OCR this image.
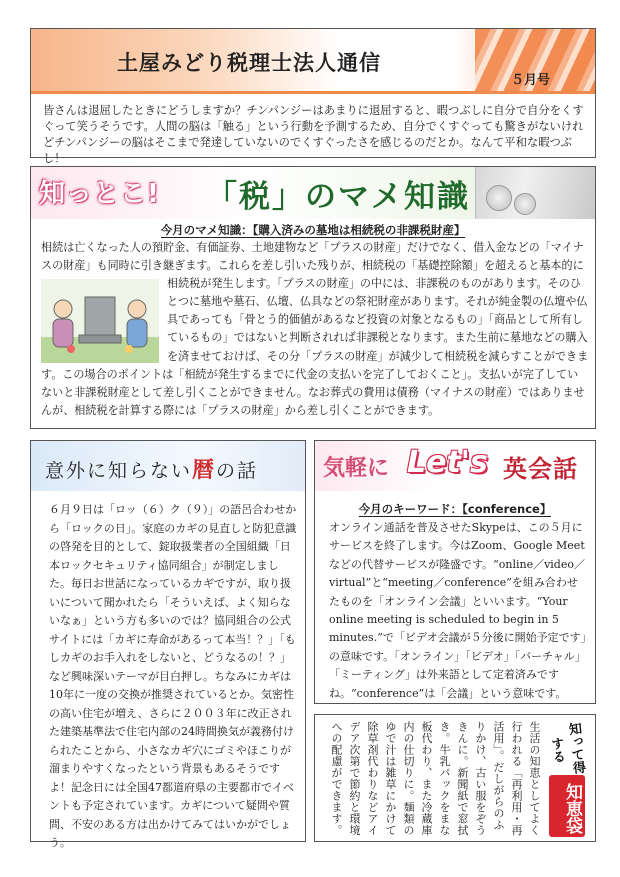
土屋みどり税理士法人通信
５月号

皆さんは退屈したときにどうしますか？チンパンジーはあまりに退屈すると、暇つぶしに自分で自分をくすぐって笑うそうです。人間の脳は「触る」という行動を予測するため、自分でくすぐっても驚きがないけれどチンパンジーの脳はそこまで発達していないのでくすぐったさを感じるのだとか。なんて平和な暇つぶし！

知っとこ! 「税」のマメ知識
今月のマメ知識：【購入済みの墓地は相続税の非課税財産】
相続は亡くなった人の預貯金、有価証券、土地建物など「プラスの財産」だけでなく、借入金などの「マイナスの財産」も同時に引き継ぎます。これらを差し引いた残りが、相続税の「基礎控除額」を超えると基本的に

相続税が発生します。「プラスの財産」の中には、非課税のものがあります。そのひとつに墓地や墓石、仏壇、仏具などの祭祀財産があります。それが純金製の仏壇や仏具であっても「骨とう的価値があるなど投資の対象となるもの」「商品として所有しているもの」ではないと判断されれば非課税となります。また生前に墓地などの購入を済ませておけば、その分「プラスの財産」が減少して相続税を減らすことができます。この場合のポイントは「相続が発生するまでに代金の支払いを完了しておくこと」。支払いが完了していないと非課税財産として差し引くことができません。なお葬式の費用は債務（マイナスの財産）ではありませんが、相続税を計算する際には「プラスの財産」から差し引くことができます。
意外に知らない暦の話

６月９日は「ロッ（６）ク（９）」の語呂合わせから「ロックの日」。家庭のカギの見直しと防犯意識の啓発を目的として、錠取扱業者の全国組織「日本ロックセキュリティ協同組合」が制定しました。毎日お世話になっているカギですが、取り扱いについて聞かれたら「そういえば、よく知らないなぁ」という方も多いのでは？協同組合の公式サイトには「カギに寿命があるって本当！？」「もしカギのお手入れをしないと、どうなるの！？」など興味深いテーマが目白押し。ちなみにカギは10年に一度の交換が推奨されているとか。気密性の高い住宅が増え、さらに２００３年に改正された建築基準法で住宅内部の24時間換気が義務付けられたことから、小さなカギ穴にゴミやほこりが溜まりやすくなったという背景もあるそうですよ！記念日には全国47都道府県の主要都市でイベントも予定されています。カギについて疑問や質問、不安のある方は出かけてみてはいかがでしょう。

気軽に Let's 英会話
今月のキーワード：【conference】

オンライン通話を普及させたSkypeは、この５月にサービスを終了します。今はZoom、Google Meetなどの代替サービスが隆盛です。“online／video／virtual”と“meeting／conference”を組み合わせたものを「オンライン会議」といいます。“Your online meeting is scheduled to begin in 5 minutes.”で「ビデオ会議が５分後に開始予定です」の意味です。「オンライン」「ビデオ」「バーチャル」「ミーティング」は外来語として定着済みですね。“conference”は「会議」という意味です。

生活の知恵としてよく行われる「再利用・再活用」。だしがらのふりかけ、古い服をぞうきんに。新聞紙で窓拭き。牛乳パックをまな板代わり、また冷蔵庫内の仕切りに。麺類のゆで汁は雑草にかけて除草剤代わりなどアイデア次第で節約と環境への配慮ができます。	知って得する
知恵袋
